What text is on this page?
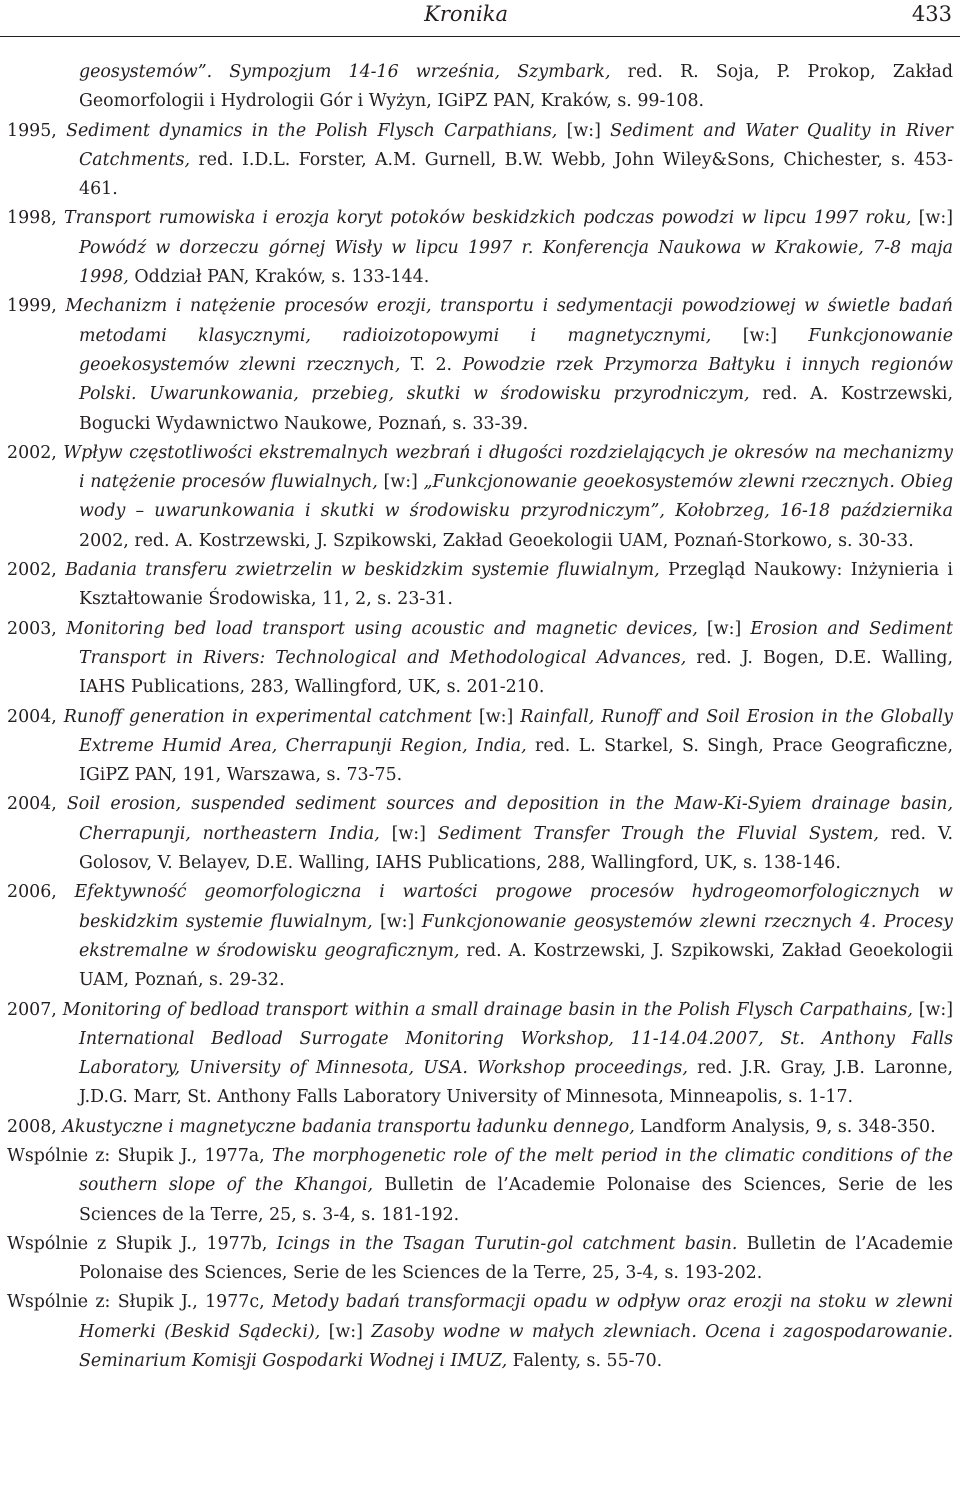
Kronika	433

geosystemów”. Sympozjum 14-16 września, Szymbark, red. R. Soja, P. Prokop, Zakład Geomorfologii i Hydrologii Gór i Wyżyn, IGiPZ PAN, Kraków, s. 99-108.

1995, Sediment dynamics in the Polish Flysch Carpathians, [w:] Sediment and Water Quality in River Catchments, red. I.D.L. Forster, A.M. Gurnell, B.W. Webb, John Wiley&Sons, Chichester, s. 453-461.

1998, Transport rumowiska i erozja koryt potoków beskidzkich podczas powodzi w lipcu 1997 roku, [w:] Powódź w dorzeczu górnej Wisły w lipcu 1997 r. Konferencja Naukowa w Krakowie, 7-8 maja 1998, Oddział PAN, Kraków, s. 133-144.

1999, Mechanizm i natężenie procesów erozji, transportu i sedymentacji powodziowej w świetle badań metodami klasycznymi, radioizotopowymi i magnetycznymi, [w:] Funkcjonowanie geoekosystemów zlewni rzecznych, T. 2. Powodzie rzek Przymorza Bałtyku i innych regionów Polski. Uwarunkowania, przebieg, skutki w środowisku przyrodniczym, red. A. Kostrzewski, Bogucki Wydawnictwo Naukowe, Poznań, s. 33-39.

2002, Wpływ częstotliwości ekstremalnych wezbrań i długości rozdzielających je okresów na mechanizmy i natężenie procesów fluwialnych, [w:] „Funkcjonowanie geoekosystemów zlewni rzecznych. Obieg wody – uwarunkowania i skutki w środowisku przyrodniczym”, Kołobrzeg, 16-18 października 2002, red. A. Kostrzewski, J. Szpikowski, Zakład Geoekologii UAM, Poznań-Storkowo, s. 30-33.

2002, Badania transferu zwietrzelin w beskidzkim systemie fluwialnym, Przegląd Naukowy: Inżynieria i Kształtowanie Środowiska, 11, 2, s. 23-31.

2003, Monitoring bed load transport using acoustic and magnetic devices, [w:] Erosion and Sediment Transport in Rivers: Technological and Methodological Advances, red. J. Bogen, D.E. Walling, IAHS Publications, 283, Wallingford, UK, s. 201-210.

2004, Runoff generation in experimental catchment [w:] Rainfall, Runoff and Soil Erosion in the Globally Extreme Humid Area, Cherrapunji Region, India, red. L. Starkel, S. Singh, Prace Geograficzne, IGiPZ PAN, 191, Warszawa, s. 73-75.

2004, Soil erosion, suspended sediment sources and deposition in the Maw-Ki-Syiem drainage basin, Cherrapunji, northeastern India, [w:] Sediment Transfer Trough the Fluvial System, red. V. Golosov, V. Belayev, D.E. Walling, IAHS Publications, 288, Wallingford, UK, s. 138-146.

2006, Efektywność geomorfologiczna i wartości progowe procesów hydrogeomorfologicznych w beskidzkim systemie fluwialnym, [w:] Funkcjonowanie geosystemów zlewni rzecznych 4. Procesy ekstremalne w środowisku geograficznym, red. A. Kostrzewski, J. Szpikowski, Zakład Geoekologii UAM, Poznań, s. 29-32.

2007, Monitoring of bedload transport within a small drainage basin in the Polish Flysch Carpathains, [w:] International Bedload Surrogate Monitoring Workshop, 11-14.04.2007, St. Anthony Falls Laboratory, University of Minnesota, USA. Workshop proceedings, red. J.R. Gray, J.B. Laronne, J.D.G. Marr, St. Anthony Falls Laboratory University of Minnesota, Minneapolis, s. 1-17.

2008, Akustyczne i magnetyczne badania transportu ładunku dennego, Landform Analysis, 9, s. 348-350.

Wspólnie z: Słupik J., 1977a, The morphogenetic role of the melt period in the climatic conditions of the southern slope of the Khangoi, Bulletin de l’Academie Polonaise des Sciences, Serie de les Sciences de la Terre, 25, s. 3-4, s. 181-192.

Wspólnie z Słupik J., 1977b, Icings in the Tsagan Turutin-gol catchment basin. Bulletin de l’Academie Polonaise des Sciences, Serie de les Sciences de la Terre, 25, 3-4, s. 193-202.

Wspólnie z: Słupik J., 1977c, Metody badań transformacji opadu w odpływ oraz erozji na stoku w zlewni Homerki (Beskid Sądecki), [w:] Zasoby wodne w małych zlewniach. Ocena i zagospodarowanie. Seminarium Komisji Gospodarki Wodnej i IMUZ, Falenty, s. 55-70.
